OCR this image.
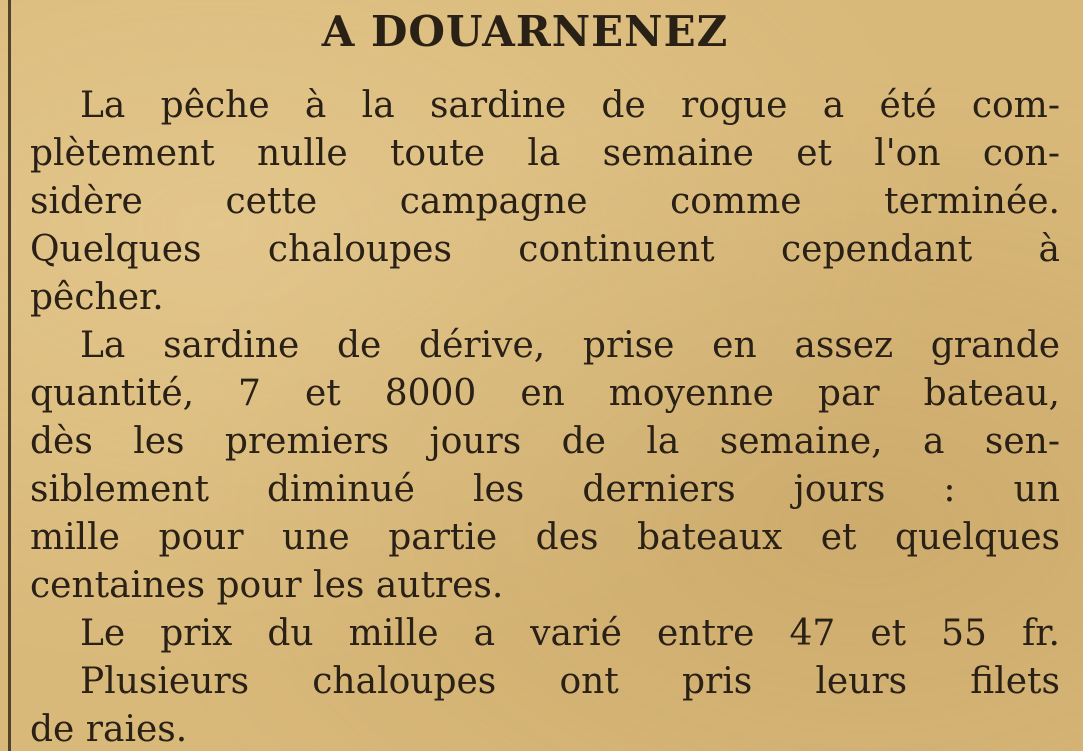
A DOUARNENEZ
La pêche à la sardine de rogue a été com-
plètement nulle toute la semaine et l'on con-
sidère cette campagne comme terminée.
Quelques chaloupes continuent cependant à
pêcher.
La sardine de dérive, prise en assez grande
quantité, 7 et 8000 en moyenne par bateau,
dès les premiers jours de la semaine, a sen-
siblement diminué les derniers jours : un
mille pour une partie des bateaux et quelques
centaines pour les autres.
Le prix du mille a varié entre 47 et 55 fr.
Plusieurs chaloupes ont pris leurs filets
de raies.
